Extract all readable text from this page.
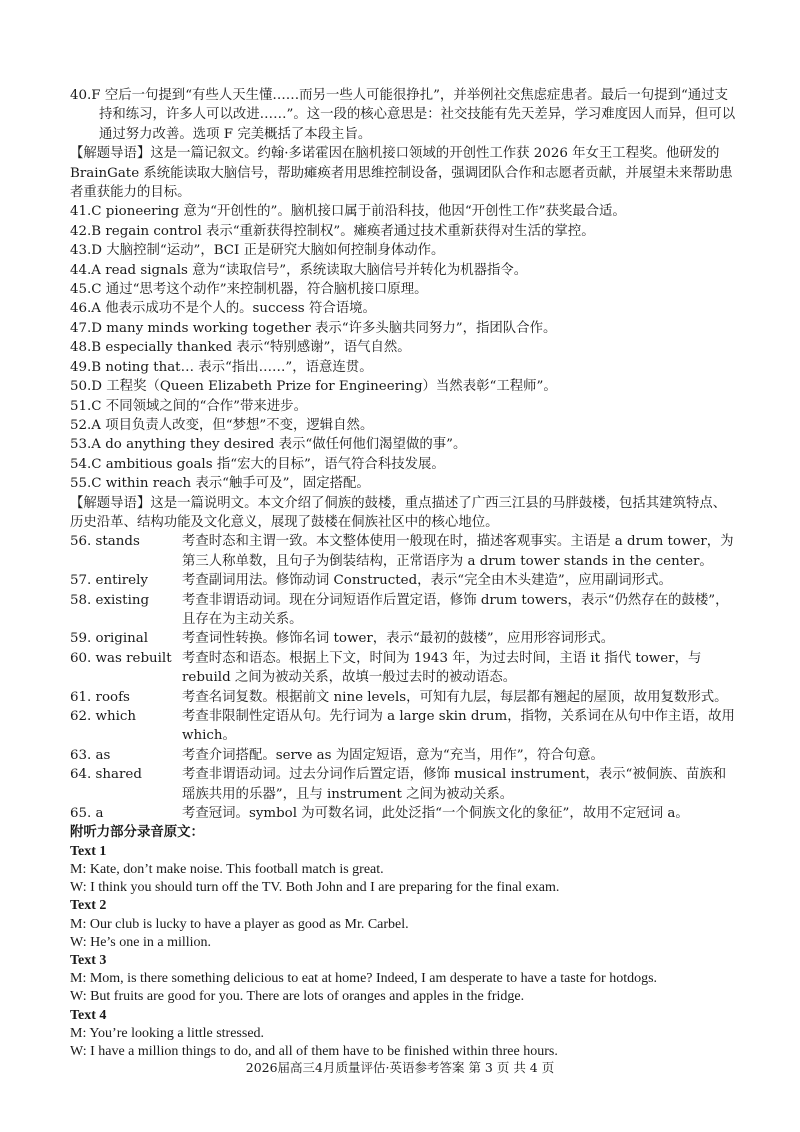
40.F 空后一句提到“有些人天生懂……而另一些人可能很挣扎”，并举例社交焦虑症患者。最后一句提到“通过支持和练习，许多人可以改进……”。这一段的核心意思是：社交技能有先天差异，学习难度因人而异，但可以通过努力改善。选项 F 完美概括了本段主旨。

【解题导语】这是一篇记叙文。约翰·多诺霍因在脑机接口领域的开创性工作获 2026 年女王工程奖。他研发的 BrainGate 系统能读取大脑信号，帮助瘫痪者用思维控制设备，强调团队合作和志愿者贡献，并展望未来帮助患者重获能力的目标。

41.C pioneering 意为“开创性的”。脑机接口属于前沿科技，他因“开创性工作”获奖最合适。

42.B regain control 表示“重新获得控制权”。瘫痪者通过技术重新获得对生活的掌控。

43.D 大脑控制“运动”，BCI 正是研究大脑如何控制身体动作。

44.A read signals 意为“读取信号”，系统读取大脑信号并转化为机器指令。

45.C 通过“思考这个动作”来控制机器，符合脑机接口原理。

46.A 他表示成功不是个人的。success 符合语境。

47.D many minds working together 表示“许多头脑共同努力”，指团队合作。

48.B especially thanked 表示“特别感谢”，语气自然。

49.B noting that… 表示“指出……”，语意连贯。

50.D 工程奖（Queen Elizabeth Prize for Engineering）当然表彰“工程师”。

51.C 不同领域之间的“合作”带来进步。

52.A 项目负责人改变，但“梦想”不变，逻辑自然。

53.A do anything they desired 表示“做任何他们渴望做的事”。

54.C ambitious goals 指“宏大的目标”，语气符合科技发展。

55.C within reach 表示“触手可及”，固定搭配。

【解题导语】这是一篇说明文。本文介绍了侗族的鼓楼，重点描述了广西三江县的马胖鼓楼，包括其建筑特点、历史沿革、结构功能及文化意义，展现了鼓楼在侗族社区中的核心地位。

56. stands	考查时态和主谓一致。本文整体使用一般现在时，描述客观事实。主语是 a drum tower，为第三人称单数，且句子为倒装结构，正常语序为 a drum tower stands in the center。
57. entirely	考查副词用法。修饰动词 Constructed，表示“完全由木头建造”，应用副词形式。
58. existing	考查非谓语动词。现在分词短语作后置定语，修饰 drum towers，表示“仍然存在的鼓楼”，且存在为主动关系。
59. original	考查词性转换。修饰名词 tower，表示“最初的鼓楼”，应用形容词形式。
60. was rebuilt 考查时态和语态。根据上下文，时间为 1943 年，为过去时间，主语 it 指代 tower，与 rebuild 之间为被动关系，故填一般过去时的被动语态。
61. roofs	考查名词复数。根据前文 nine levels，可知有九层，每层都有翘起的屋顶，故用复数形式。
62. which	考查非限制性定语从句。先行词为 a large skin drum，指物，关系词在从句中作主语，故用 which。
63. as	考查介词搭配。serve as 为固定短语，意为“充当，用作”，符合句意。
64. shared	考查非谓语动词。过去分词作后置定语，修饰 musical instrument，表示“被侗族、苗族和瑶族共用的乐器”，且与 instrument 之间为被动关系。
65. a	考查冠词。symbol 为可数名词，此处泛指“一个侗族文化的象征”，故用不定冠词 a。

附听力部分录音原文：

Text 1

M: Kate, don’t make noise. This football match is great.

W: I think you should turn off the TV. Both John and I are preparing for the final exam.

Text 2

M: Our club is lucky to have a player as good as Mr. Carbel.

W: He’s one in a million.

Text 3

M: Mom, is there something delicious to eat at home? Indeed, I am desperate to have a taste for hotdogs.

W: But fruits are good for you. There are lots of oranges and apples in the fridge.

Text 4

M: You’re looking a little stressed.

W: I have a million things to do, and all of them have to be finished within three hours.

2026届高三4月质量评估·英语参考答案 第 3 页 共 4 页
